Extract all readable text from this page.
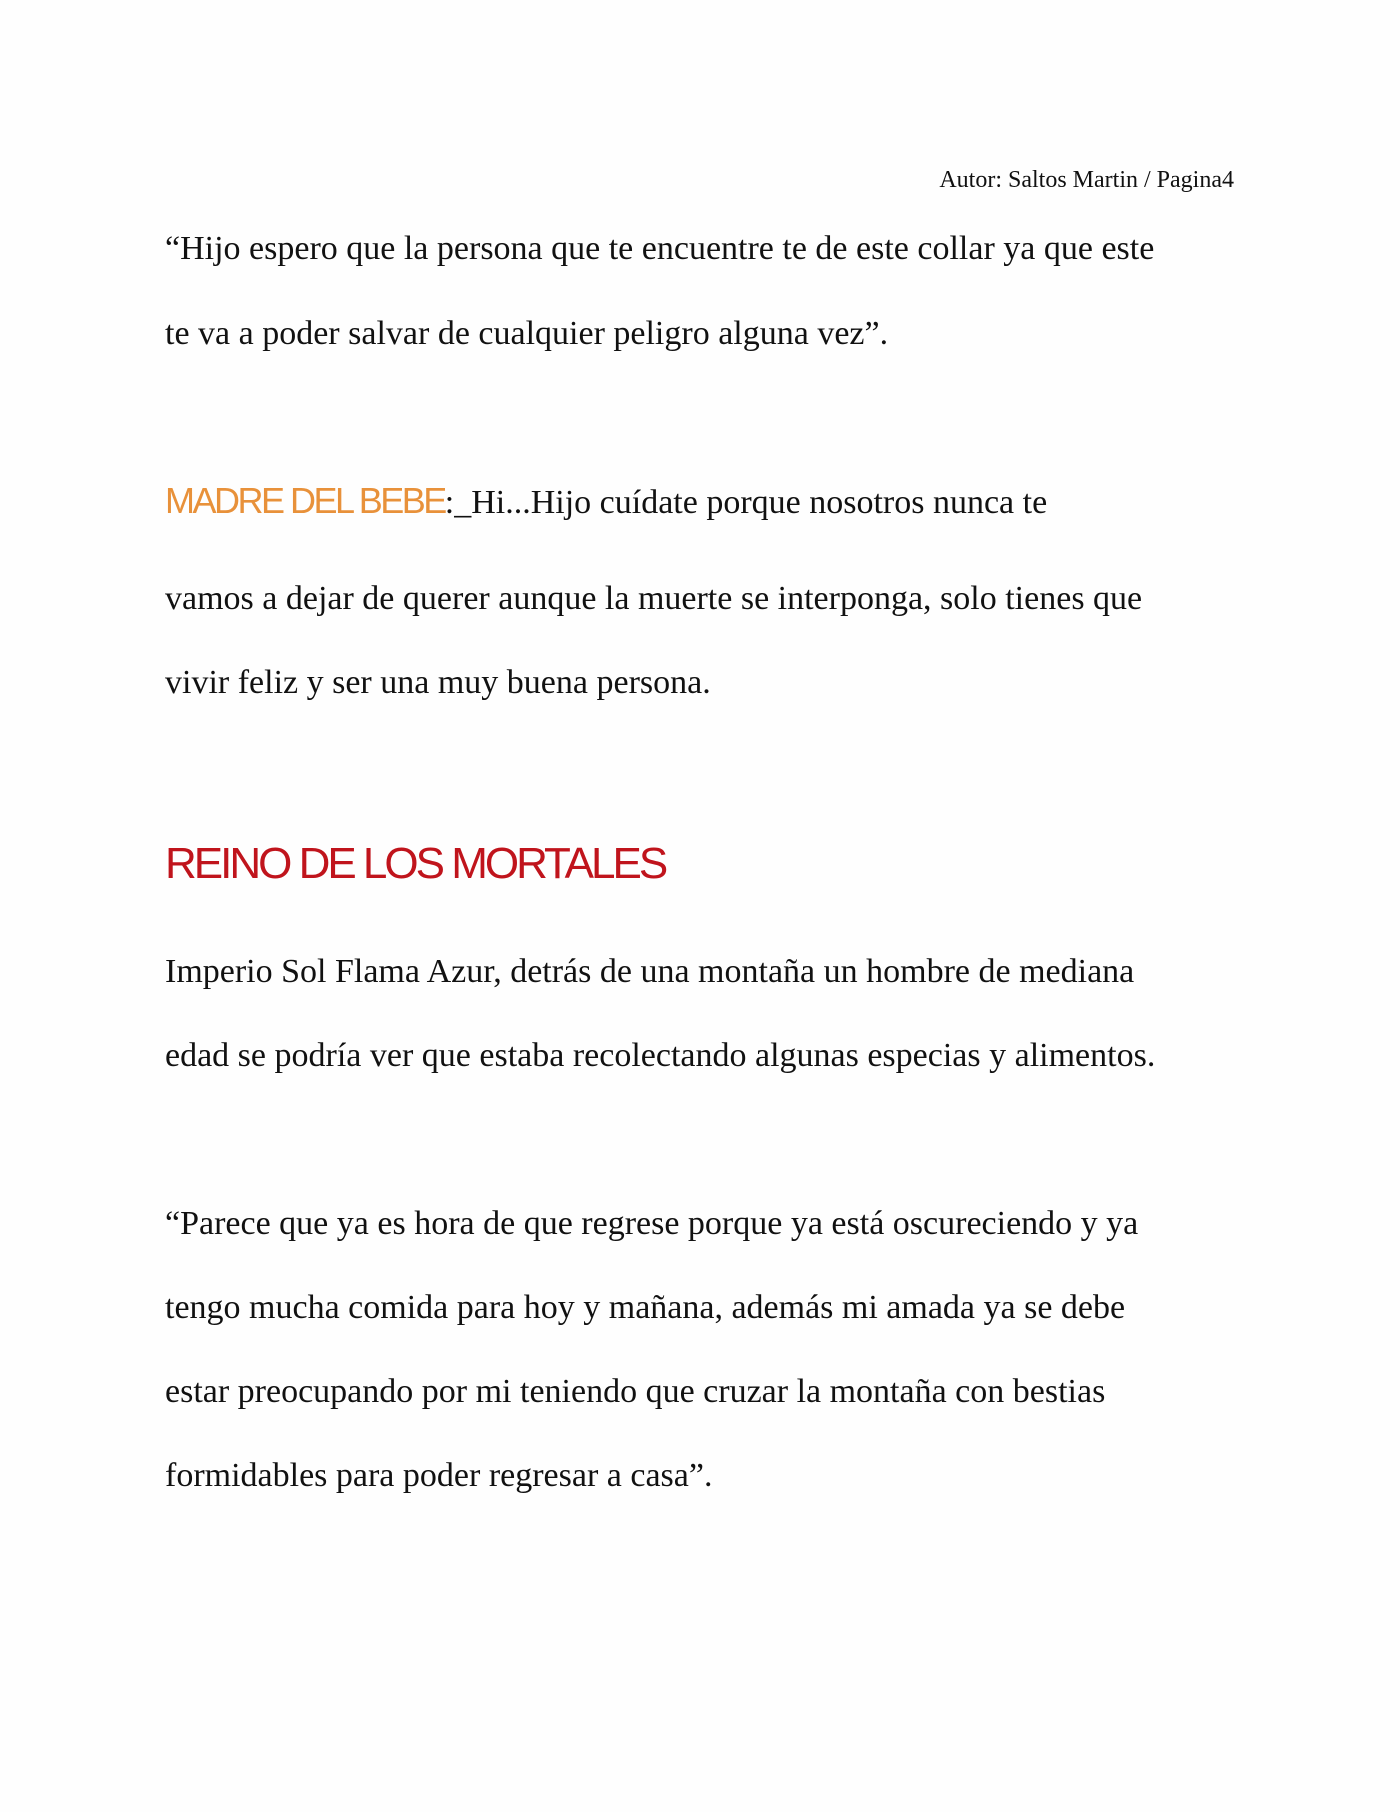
Autor: Saltos Martin / Pagina4
“Hijo espero que la persona que te encuentre te de este collar ya que este
te va a poder salvar de cualquier peligro alguna vez”.
MADRE DEL BEBE:_Hi...Hijo cuídate porque nosotros nunca te
vamos a dejar de querer aunque la muerte se interponga, solo tienes que
vivir feliz y ser una muy buena persona.
REINO DE LOS MORTALES
Imperio Sol Flama Azur, detrás de una montaña un hombre de mediana
edad se podría ver que estaba recolectando algunas especias y alimentos.
“Parece que ya es hora de que regrese porque ya está oscureciendo y ya
tengo mucha comida para hoy y mañana, además mi amada ya se debe
estar preocupando por mi teniendo que cruzar la montaña con bestias
formidables para poder regresar a casa”.
